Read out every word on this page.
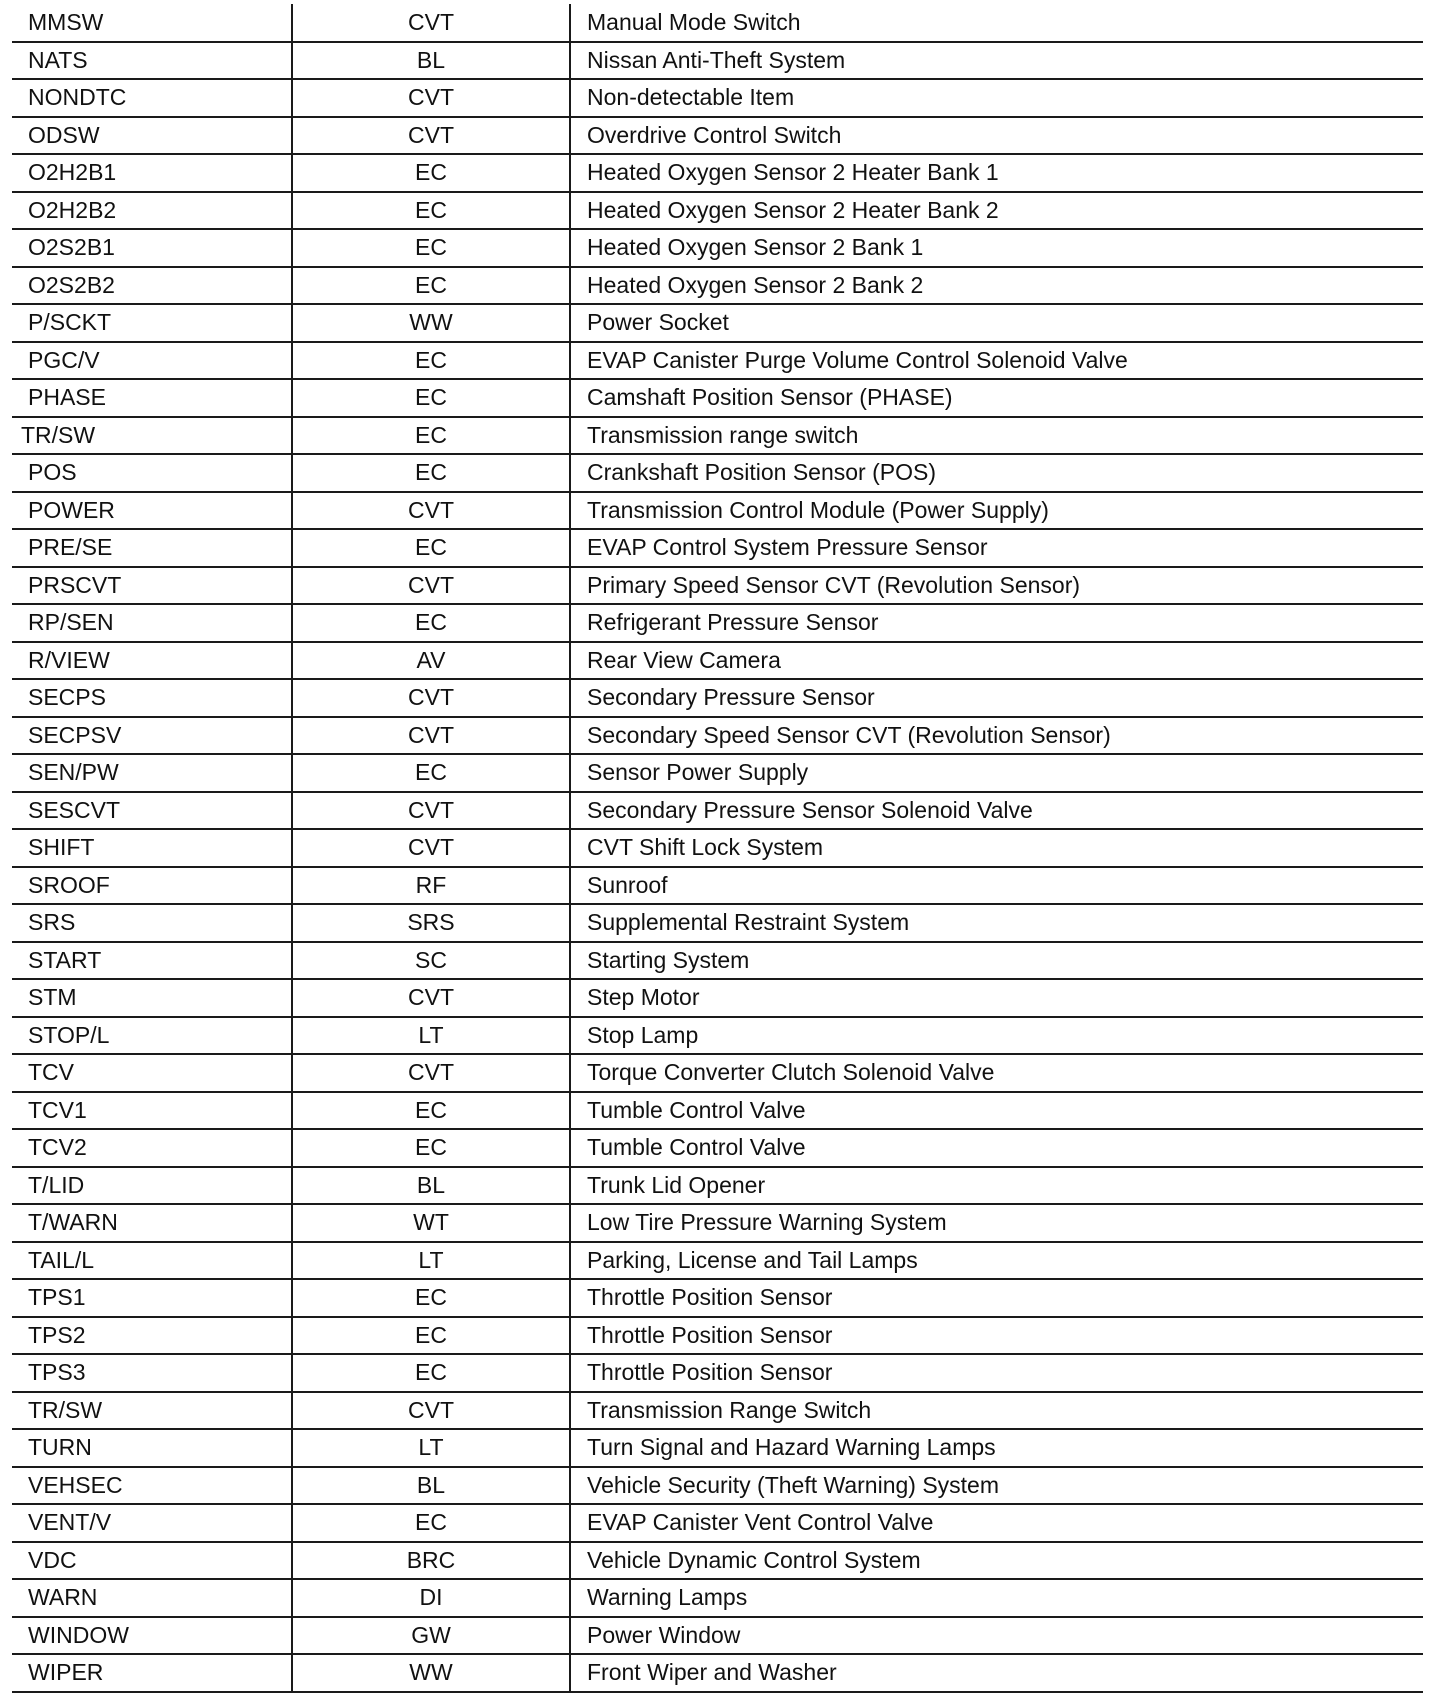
MMSW	CVT	Manual Mode Switch
NATS	BL	Nissan Anti-Theft System
NONDTC	CVT	Non-detectable Item
ODSW	CVT	Overdrive Control Switch
O2H2B1	EC	Heated Oxygen Sensor 2 Heater Bank 1
O2H2B2	EC	Heated Oxygen Sensor 2 Heater Bank 2
O2S2B1	EC	Heated Oxygen Sensor 2 Bank 1
O2S2B2	EC	Heated Oxygen Sensor 2 Bank 2
P/SCKT	WW	Power Socket
PGC/V	EC	EVAP Canister Purge Volume Control Solenoid Valve
PHASE	EC	Camshaft Position Sensor (PHASE)
TR/SW	EC	Transmission range switch
POS	EC	Crankshaft Position Sensor (POS)
POWER	CVT	Transmission Control Module (Power Supply)
PRE/SE	EC	EVAP Control System Pressure Sensor
PRSCVT	CVT	Primary Speed Sensor CVT (Revolution Sensor)
RP/SEN	EC	Refrigerant Pressure Sensor
R/VIEW	AV	Rear View Camera
SECPS	CVT	Secondary Pressure Sensor
SECPSV	CVT	Secondary Speed Sensor CVT (Revolution Sensor)
SEN/PW	EC	Sensor Power Supply
SESCVT	CVT	Secondary Pressure Sensor Solenoid Valve
SHIFT	CVT	CVT Shift Lock System
SROOF	RF	Sunroof
SRS	SRS	Supplemental Restraint System
START	SC	Starting System
STM	CVT	Step Motor
STOP/L	LT	Stop Lamp
TCV	CVT	Torque Converter Clutch Solenoid Valve
TCV1	EC	Tumble Control Valve
TCV2	EC	Tumble Control Valve
T/LID	BL	Trunk Lid Opener
T/WARN	WT	Low Tire Pressure Warning System
TAIL/L	LT	Parking, License and Tail Lamps
TPS1	EC	Throttle Position Sensor
TPS2	EC	Throttle Position Sensor
TPS3	EC	Throttle Position Sensor
TR/SW	CVT	Transmission Range Switch
TURN	LT	Turn Signal and Hazard Warning Lamps
VEHSEC	BL	Vehicle Security (Theft Warning) System
VENT/V	EC	EVAP Canister Vent Control Valve
VDC	BRC	Vehicle Dynamic Control System
WARN	DI	Warning Lamps
WINDOW	GW	Power Window
WIPER	WW	Front Wiper and Washer
